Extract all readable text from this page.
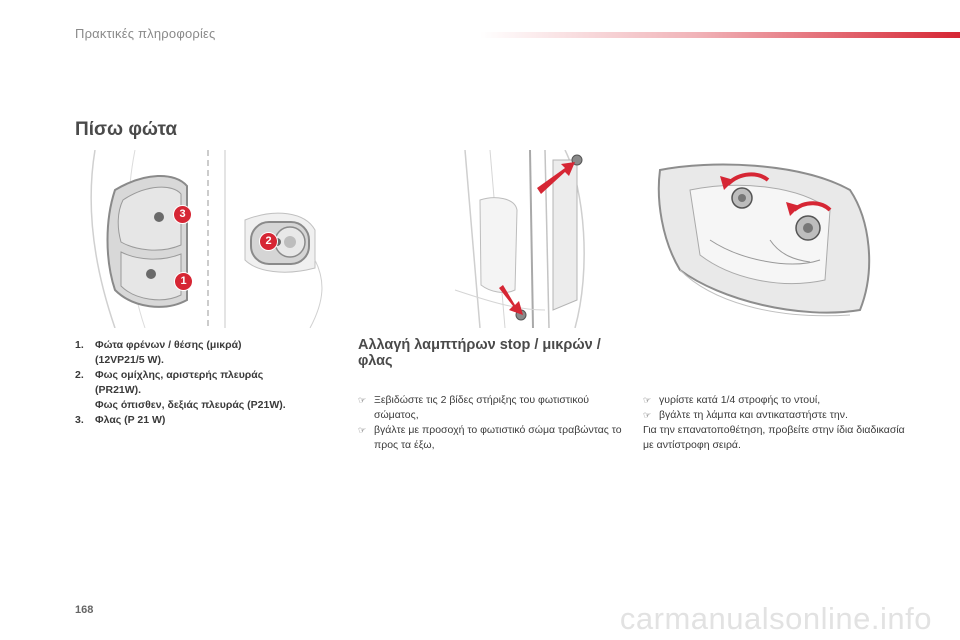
Πρακτικές πληροφορίες
Πίσω φώτα
3
2
1
1.	Φώτα φρένων / θέσης (μικρά)
(12VP21/5 W).
2.	Φως ομίχλης, αριστερής πλευράς
(PR21W).
Φως όπισθεν, δεξιάς πλευράς (P21W).
3.	Φλας (P 21 W)
Αλλαγή λαμπτήρων stop / μικρών / φλας
☞ Ξεβιδώστε τις 2 βίδες στήριξης του φωτιστικού σώματος,
☞ βγάλτε με προσοχή το φωτιστικό σώμα τραβώντας το προς τα έξω,
☞ γυρίστε κατά 1/4 στροφής το ντουί,
☞ βγάλτε τη λάμπα και αντικαταστήστε την.
Για την επανατοποθέτηση, προβείτε στην ίδια διαδικασία με αντίστροφη σειρά.
168	carmanualsonline.info
